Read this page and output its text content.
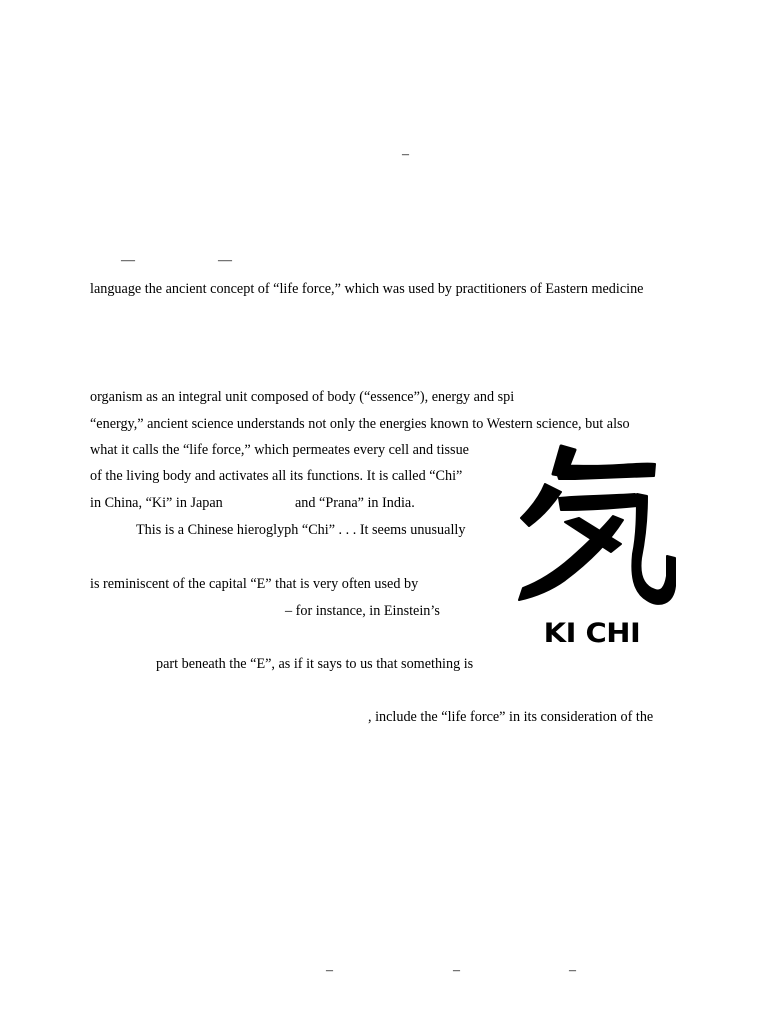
–
—	—

language the ancient concept of “life force,” which was used by practitioners of Eastern medicine

organism as an integral unit composed of body (“essence”), energy and spi

“energy,” ancient science understands not only the energies known to Western science, but also

what it calls the “life force,” which permeates every cell and tissue

of the living body and activates all its functions. It is called “Chi”

in China, “Ki” in Japan	and “Prana” in India.

This is a Chinese hieroglyph “Chi” . . . It seems unusually

is reminiscent of the capital “E” that is very often used by

– for instance, in Einstein’s

part beneath the “E”, as if it says to us that something is

, include the “life force” in its consideration of the

KI CHI
–	–	–
